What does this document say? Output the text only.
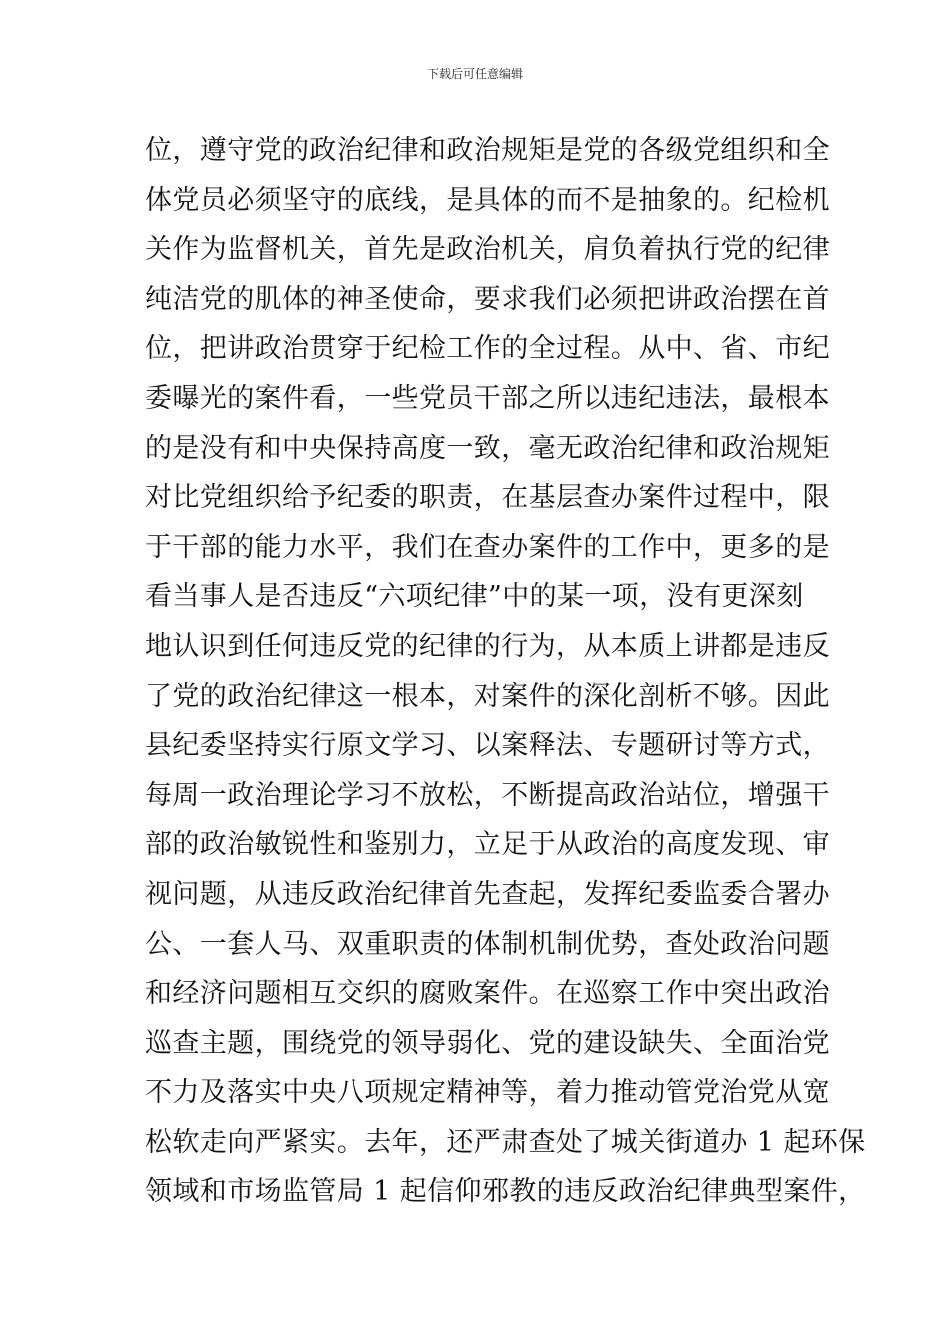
下载后可任意编辑
位，遵守党的政治纪律和政治规矩是党的各级党组织和全
体党员必须坚守的底线，是具体的而不是抽象的。纪检机
关作为监督机关，首先是政治机关，肩负着执行党的纪律
纯洁党的肌体的神圣使命，要求我们必须把讲政治摆在首
位，把讲政治贯穿于纪检工作的全过程。从中、省、市纪
委曝光的案件看，一些党员干部之所以违纪违法，最根本
的是没有和中央保持高度一致，毫无政治纪律和政治规矩
对比党组织给予纪委的职责，在基层查办案件过程中，限
于干部的能力水平，我们在查办案件的工作中，更多的是
看当事人是否违反“六项纪律”中的某一项，没有更深刻
地认识到任何违反党的纪律的行为，从本质上讲都是违反
了党的政治纪律这一根本，对案件的深化剖析不够。因此
县纪委坚持实行原文学习、以案释法、专题研讨等方式，
每周一政治理论学习不放松，不断提高政治站位，增强干
部的政治敏锐性和鉴别力，立足于从政治的高度发现、审
视问题，从违反政治纪律首先查起，发挥纪委监委合署办
公、一套人马、双重职责的体制机制优势，查处政治问题
和经济问题相互交织的腐败案件。在巡察工作中突出政治
巡查主题，围绕党的领导弱化、党的建设缺失、全面治党
不力及落实中央八项规定精神等，着力推动管党治党从宽
松软走向严紧实。去年，还严肃查处了城关街道办 1 起环保
领域和市场监管局 1 起信仰邪教的违反政治纪律典型案件，
